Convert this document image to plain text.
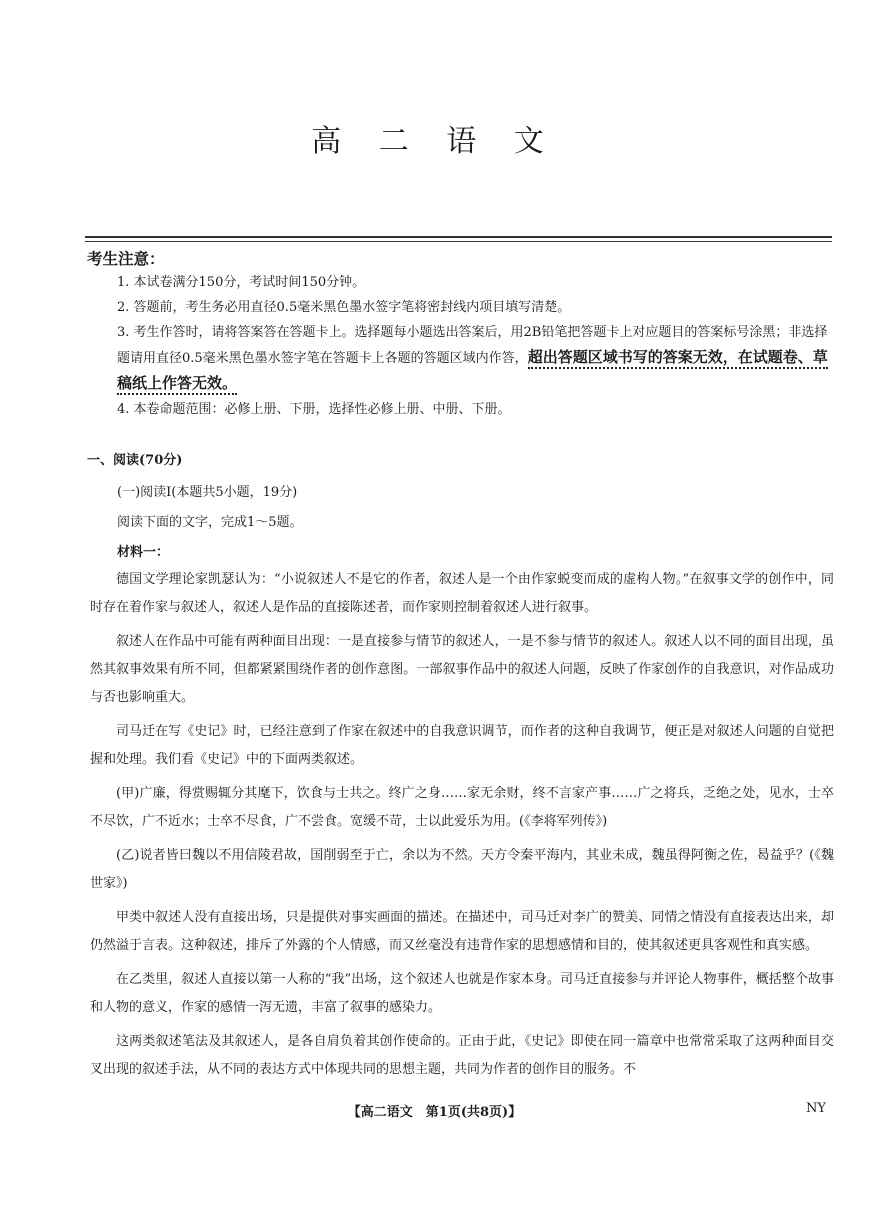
高 二 语 文
考生注意：
1. 本试卷满分150分，考试时间150分钟。
2. 答题前，考生务必用直径0.5毫米黑色墨水签字笔将密封线内项目填写清楚。
3. 考生作答时，请将答案答在答题卡上。选择题每小题选出答案后，用2B铅笔把答题卡上对应题目的答案标号涂黑；非选择题请用直径0.5毫米黑色墨水签字笔在答题卡上各题的答题区域内作答，超出答题区域书写的答案无效，在试题卷、草稿纸上作答无效。
4. 本卷命题范围：必修上册、下册，选择性必修上册、中册、下册。
一、阅读(70分)
(一)阅读Ⅰ(本题共5小题，19分)
阅读下面的文字，完成1～5题。
材料一：

德国文学理论家凯瑟认为：“小说叙述人不是它的作者，叙述人是一个由作家蜕变而成的虚构人物。”在叙事文学的创作中，同时存在着作家与叙述人，叙述人是作品的直接陈述者，而作家则控制着叙述人进行叙事。

叙述人在作品中可能有两种面目出现：一是直接参与情节的叙述人，一是不参与情节的叙述人。叙述人以不同的面目出现，虽然其叙事效果有所不同，但都紧紧围绕作者的创作意图。一部叙事作品中的叙述人问题，反映了作家创作的自我意识，对作品成功与否也影响重大。

司马迁在写《史记》时，已经注意到了作家在叙述中的自我意识调节，而作者的这种自我调节，便正是对叙述人问题的自觉把握和处理。我们看《史记》中的下面两类叙述。

(甲)广廉，得赏赐辄分其麾下，饮食与士共之。终广之身……家无余财，终不言家产事……广之将兵，乏绝之处，见水，士卒不尽饮，广不近水；士卒不尽食，广不尝食。宽缓不苛，士以此爱乐为用。(《李将军列传》)

(乙)说者皆曰魏以不用信陵君故，国削弱至于亡，余以为不然。天方令秦平海内，其业未成，魏虽得阿衡之佐，曷益乎？(《魏世家》)

甲类中叙述人没有直接出场，只是提供对事实画面的描述。在描述中，司马迁对李广的赞美、同情之情没有直接表达出来，却仍然溢于言表。这种叙述，排斥了外露的个人情感，而又丝毫没有违背作家的思想感情和目的，使其叙述更具客观性和真实感。

在乙类里，叙述人直接以第一人称的“我”出场，这个叙述人也就是作家本身。司马迁直接参与并评论人物事件，概括整个故事和人物的意义，作家的感情一泻无遗，丰富了叙事的感染力。

这两类叙述笔法及其叙述人，是各自肩负着其创作使命的。正由于此，《史记》即使在同一篇章中也常常采取了这两种面目交叉出现的叙述手法，从不同的表达方式中体现共同的思想主题，共同为作者的创作目的服务。不

【高二语文　第1页(共8页)】	NY
